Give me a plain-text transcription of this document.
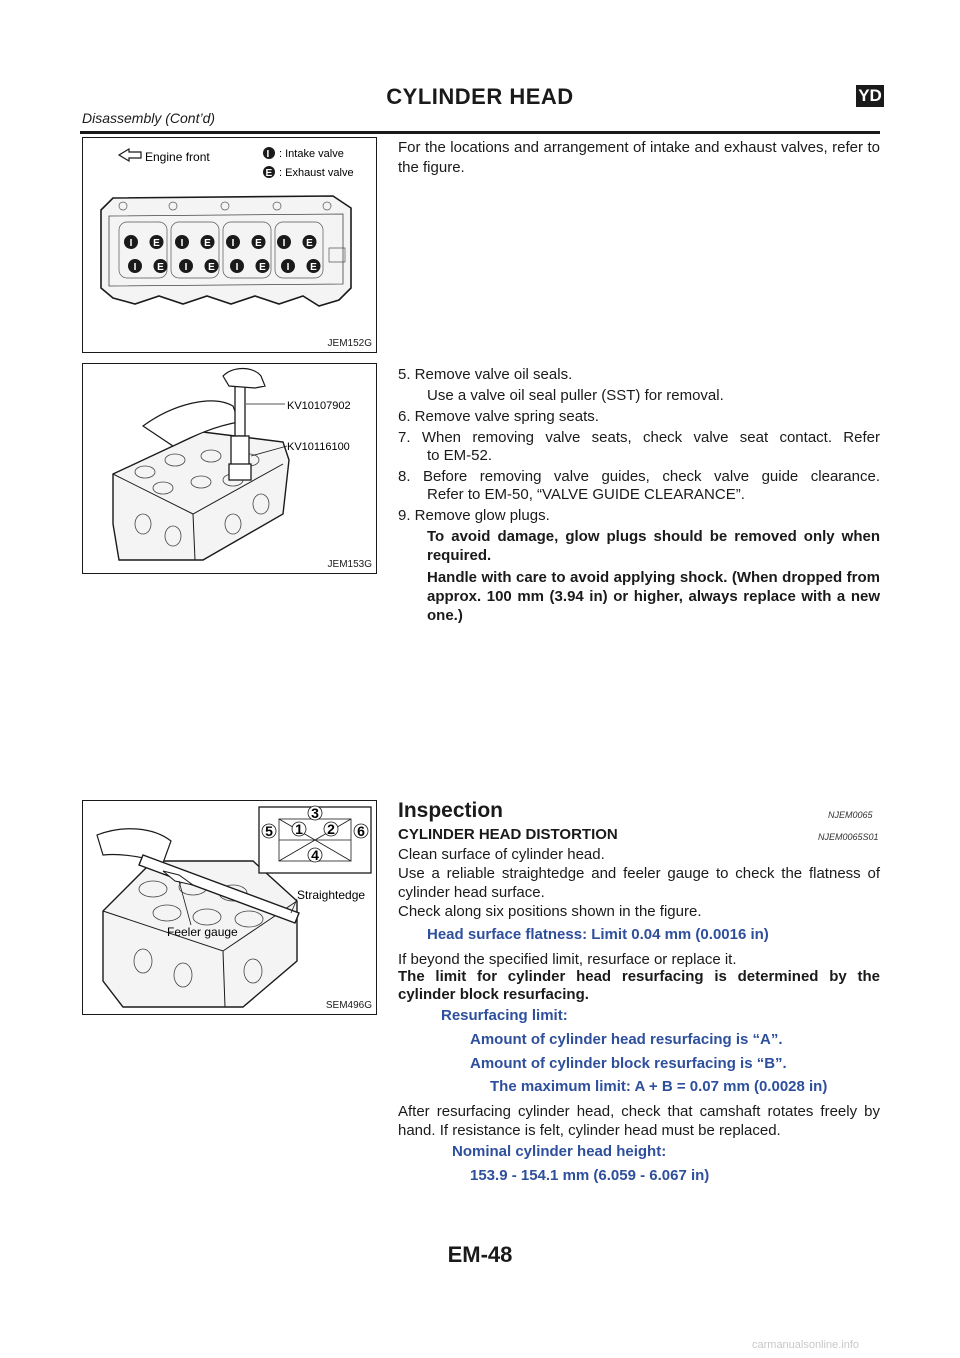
CYLINDER HEAD	YD
Disassembly (Cont’d)
Engine front	I : Intake valve
E : Exhaust valve
I E I E I E I E
I E I E I E I E
JEM152G
KV10107902
KV10116100
JEM153G
Feeler gauge
Straightedge
1 2
3
4
5	6
SEM496G
For the locations and arrangement of intake and exhaust valves, refer to the figure.
5. Remove valve oil seals.
Use a valve oil seal puller (SST) for removal.
6. Remove valve spring seats.
7. When removing valve seats, check valve seat contact. Refer
to EM-52.
8. Before removing valve guides, check valve guide clearance.
Refer to EM-50, “VALVE GUIDE CLEARANCE”.
9. Remove glow plugs.
To avoid damage, glow plugs should be removed only when required.
Handle with care to avoid applying shock. (When dropped from approx. 100 mm (3.94 in) or higher, always replace with a new one.)
Inspection	NJEM0065
CYLINDER HEAD DISTORTION	NJEM0065S01
Clean surface of cylinder head.
Use a reliable straightedge and feeler gauge to check the flatness of cylinder head surface.
Check along six positions shown in the figure.
Head surface flatness: Limit 0.04 mm (0.0016 in)
If beyond the specified limit, resurface or replace it.
The limit for cylinder head resurfacing is determined by the cylinder block resurfacing.
Resurfacing limit:
Amount of cylinder head resurfacing is “A”.
Amount of cylinder block resurfacing is “B”.
The maximum limit: A + B = 0.07 mm (0.0028 in)
After resurfacing cylinder head, check that camshaft rotates freely by hand. If resistance is felt, cylinder head must be replaced.
Nominal cylinder head height:
153.9 - 154.1 mm (6.059 - 6.067 in)
EM-48
carmanualsonline.info
